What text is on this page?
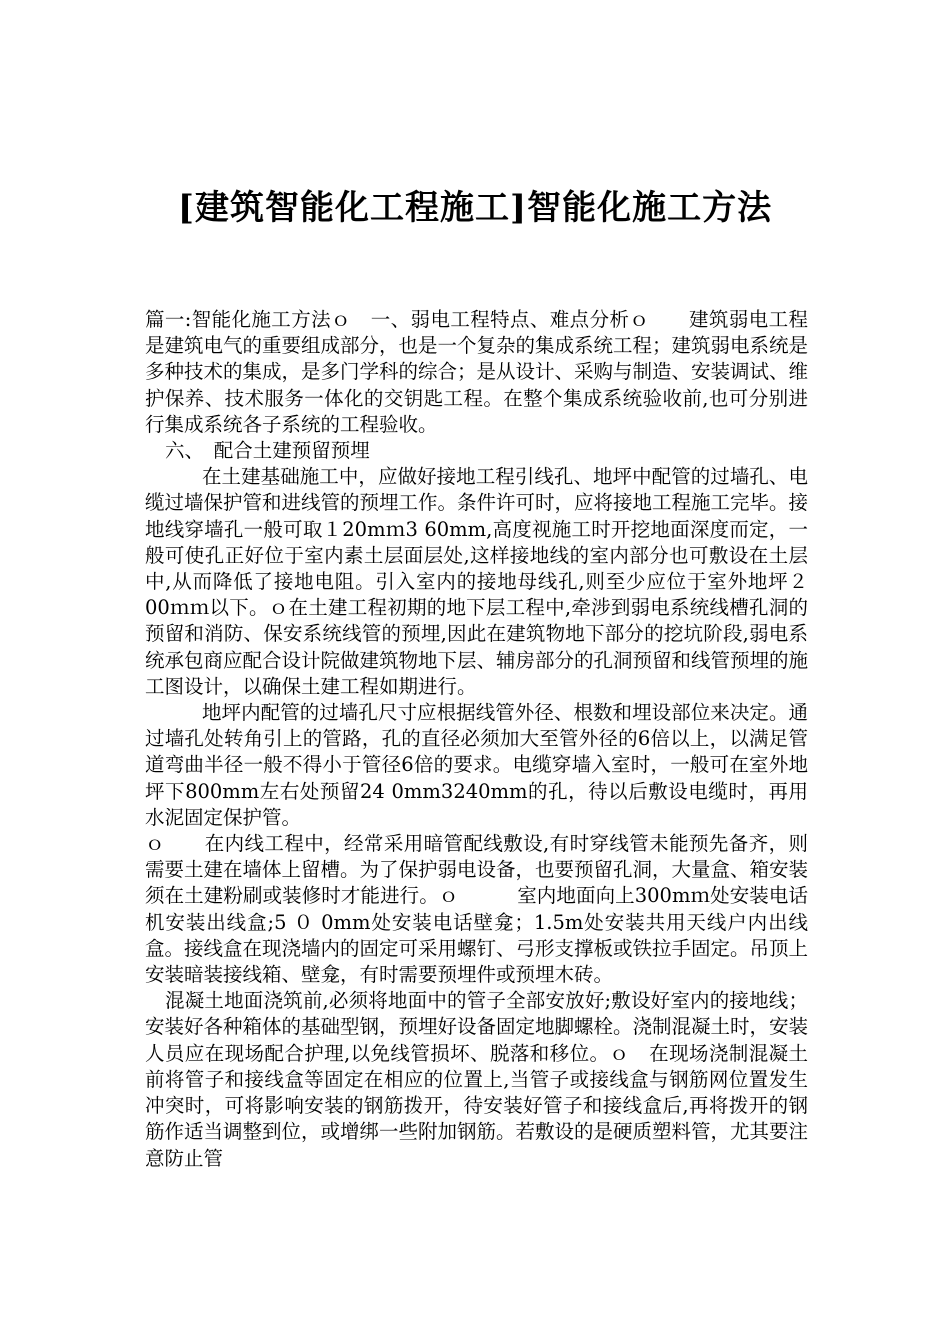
[建筑智能化工程施工]智能化施工方法

篇一:智能化施工方法ｏ　一、弱电工程特点、难点分析ｏ　　建筑弱电工程是建筑电气的重要组成部分，也是一个复杂的集成系统工程；建筑弱电系统是多种技术的集成，是多门学科的综合；是从设计、采购与制造、安装调试、维护保养、技术服务一体化的交钥匙工程。在整个集成系统验收前,也可分别进行集成系统各子系统的工程验收。

六、　配合土建预留预埋

在土建基础施工中，应做好接地工程引线孔、地坪中配管的过墙孔、电缆过墙保护管和进线管的预埋工作。条件许可时，应将接地工程施工完毕。接地线穿墙孔一般可取１20mｍ3 60mm,高度视施工时开挖地面深度而定，一般可使孔正好位于室内素土层面层处,这样接地线的室内部分也可敷设在土层中,从而降低了接地电阻。引入室内的接地母线孔,则至少应位于室外地坪２ 00ｍｍ以下。ｏ在土建工程初期的地下层工程中,牵涉到弱电系统线槽孔洞的预留和消防、保安系统线管的预埋,因此在建筑物地下部分的挖坑阶段,弱电系统承包商应配合设计院做建筑物地下层、辅房部分的孔洞预留和线管预埋的施工图设计，以确保土建工程如期进行。

地坪内配管的过墙孔尺寸应根据线管外径、根数和埋设部位来决定。通过墙孔处转角引上的管路，孔的直径必须加大至管外径的6倍以上，以满足管道弯曲半径一般不得小于管径6倍的要求。电缆穿墙入室时，一般可在室外地坪下800mm左右处预留24 0mm3240mm的孔，待以后敷设电缆时，再用水泥固定保护管。

ｏ　　在内线工程中，经常采用暗管配线敷设,有时穿线管未能预先备齐，则需要土建在墙体上留槽。为了保护弱电设备，也要预留孔洞，大量盒、箱安装须在土建粉刷或装修时才能进行。ｏ　　　室内地面向上300mｍ处安装电话机安装出线盒;5 ０ 0mm处安装电话壁龛；1.5m处安装共用天线户内出线盒。接线盒在现浇墙内的固定可采用螺钉、弓形支撑板或铁拉手固定。吊顶上安装暗装接线箱、壁龛，有时需要预埋件或预埋木砖。

混凝土地面浇筑前,必须将地面中的管子全部安放好;敷设好室内的接地线；安装好各种箱体的基础型钢，预埋好设备固定地脚螺栓。浇制混凝土时，安装人员应在现场配合护理,以免线管损坏、脱落和移位。ｏ　在现场浇制混凝土前将管子和接线盒等固定在相应的位置上,当管子或接线盒与钢筋网位置发生冲突时，可将影响安装的钢筋拨开，待安装好管子和接线盒后,再将拨开的钢筋作适当调整到位，或增绑一些附加钢筋。若敷设的是硬质塑料管，尤其要注意防止管
